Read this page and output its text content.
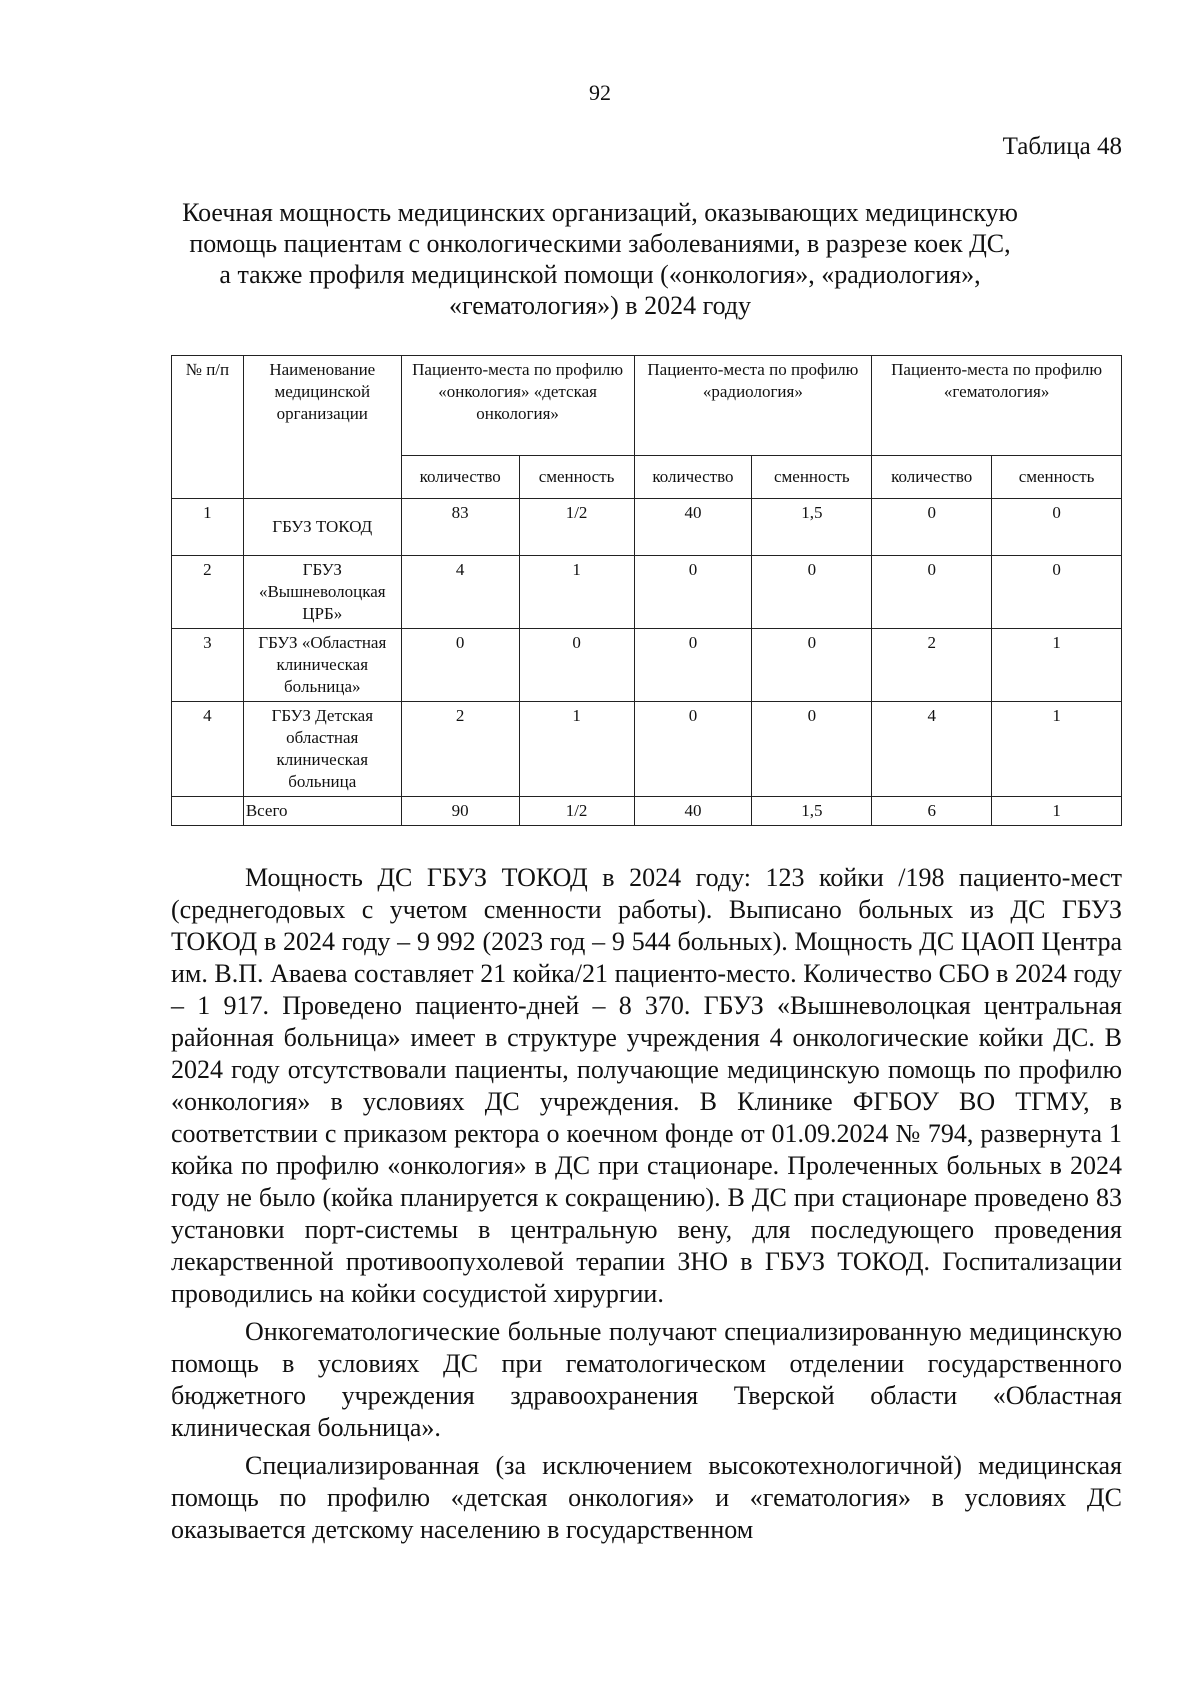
92
Таблица 48
Коечная мощность медицинских организаций, оказывающих медицинскую
помощь пациентам с онкологическими заболеваниями, в разрезе коек ДС,
а также профиля медицинской помощи («онкология», «радиология»,
«гематология») в 2024 году
№ п/п	Наименование медицинской организации	Пациенто-места по профилю «онкология» «детская онкология»		Пациенто-места по профилю «радиология»		Пациенто-места по профилю «гематология»	
		количество	сменность	количество	сменность	количество	сменность
1	ГБУЗ ТОКОД	83	1/2	40	1,5	0	0
2	ГБУЗ «Вышневолоцкая ЦРБ»	4	1	0	0	0	0
3	ГБУЗ «Областная клиническая больница»	0	0	0	0	2	1
4	ГБУЗ Детская областная клиническая больница	2	1	0	0	4	1
	Всего	90	1/2	40	1,5	6	1

Мощность ДС ГБУЗ ТОКОД в 2024 году: 123 койки /198 пациенто-мест (среднегодовых с учетом сменности работы). Выписано больных из ДС ГБУЗ ТОКОД в 2024 году – 9 992 (2023 год – 9 544 больных). Мощность ДС ЦАОП Центра им. В.П. Аваева составляет 21 койка/21 пациенто-место. Количество СБО в 2024 году – 1 917. Проведено пациенто-дней – 8 370. ГБУЗ «Вышневолоцкая центральная районная больница» имеет в структуре учреждения 4 онкологические койки ДС. В 2024 году отсутствовали пациенты, получающие медицинскую помощь по профилю «онкология» в условиях ДС учреждения. В Клинике ФГБОУ ВО ТГМУ, в соответствии с приказом ректора о коечном фонде от 01.09.2024 № 794, развернута 1 койка по профилю «онкология» в ДС при стационаре. Пролеченных больных в 2024 году не было (койка планируется к сокращению). В ДС при стационаре проведено 83 установки порт-системы в центральную вену, для последующего проведения лекарственной противоопухолевой терапии ЗНО в ГБУЗ ТОКОД. Госпитализации проводились на койки сосудистой хирургии.

Онкогематологические больные получают специализированную медицинскую помощь в условиях ДС при гематологическом отделении государственного бюджетного учреждения здравоохранения Тверской области «Областная клиническая больница».

Специализированная (за исключением высокотехнологичной) медицинская помощь по профилю «детская онкология» и «гематология» в условиях ДС оказывается детскому населению в государственном
